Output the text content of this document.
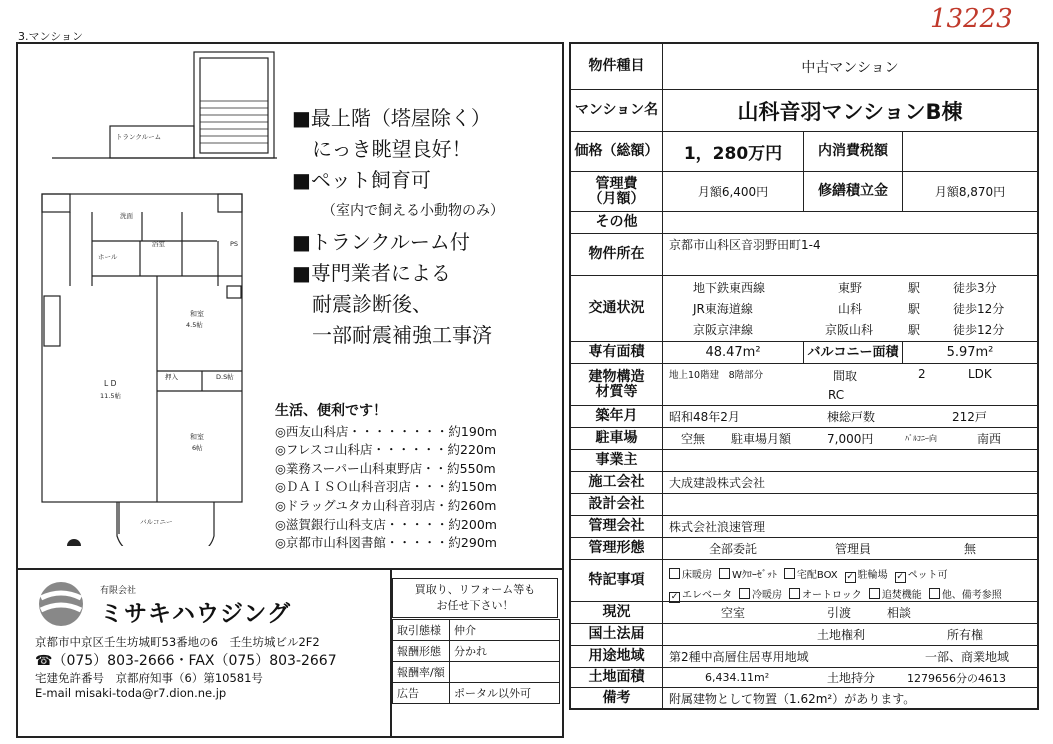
3.マンション
13223
トランクルーム
洗面
浴室
ホール
PS
L D
11.5帖
和室
4.5帖
押入	D.S帖
和室
6帖
バルコニー
■最上階（塔屋除く）
　にっき眺望良好！
■ペット飼育可
（室内で飼える小動物のみ）
■トランクルーム付
■専門業者による
　耐震診断後、
　一部耐震補強工事済
生活、便利です！
◎西友山科店・・・・・・・・約190m
◎フレスコ山科店・・・・・・約220m
◎業務スーパー山科東野店・・約550m
◎ＤＡＩＳＯ山科音羽店・・・約150m
◎ドラッグユタカ山科音羽店・約260m
◎滋賀銀行山科支店・・・・・約200m
◎京都市山科図書館・・・・・約290m
有限会社
ミサキハウジング
京都市中京区壬生坊城町53番地の6　壬生坊城ビル2F2
☎（075）803-2666・FAX（075）803-2667
宅建免許番号　京都府知事（6）第10581号
E-mail misaki-toda@r7.dion.ne.jp
買取り、リフォーム等も
お任せ下さい！
取引態様	仲介
報酬形態	分かれ
報酬率/額	
広告	ポータル以外可
物件種目	中古マンション
マンション名	山科音羽マンションB棟
価格（総額）	1，280万円	内消費税額
管理費
（月額）	月額6,400円	修繕積立金	月額8,870円
その他
物件所在
京都市山科区音羽野田町1-4
交通状況
地下鉄東西線	東野	駅	徒歩3分
JR東海道線	山科	駅	徒歩12分
京阪京津線	京阪山科	駅	徒歩12分
専有面積	48.47m²	バルコニー面積	5.97m²
建物構造
材質等
地上10階建　8階部分	間取	2	LDK
RC
築年月	昭和48年2月	棟総戸数	212戸
駐車場	空無	駐車場月額	7,000円	ﾊﾞﾙｺﾆｰ向	南西
事業主
施工会社	大成建設株式会社
設計会社
管理会社	株式会社浪速管理
管理形態	全部委託	管理員	無
特記事項	床暖房 Wｸﾛｰｾﾞｯﾄ 宅配BOX ✓ 駐輪場 ✓ ペット可
✓ エレベータ 冷暖房 オートロック 追焚機能 他、備考参照
現況	空室	引渡	相談
国土法届	土地権利	所有権
用途地域	第2種中高層住居専用地域	一部、商業地域
土地面積	6,434.11m²	土地持分	1279656分の4613
備考	附属建物として物置（1.62m²）があります。
